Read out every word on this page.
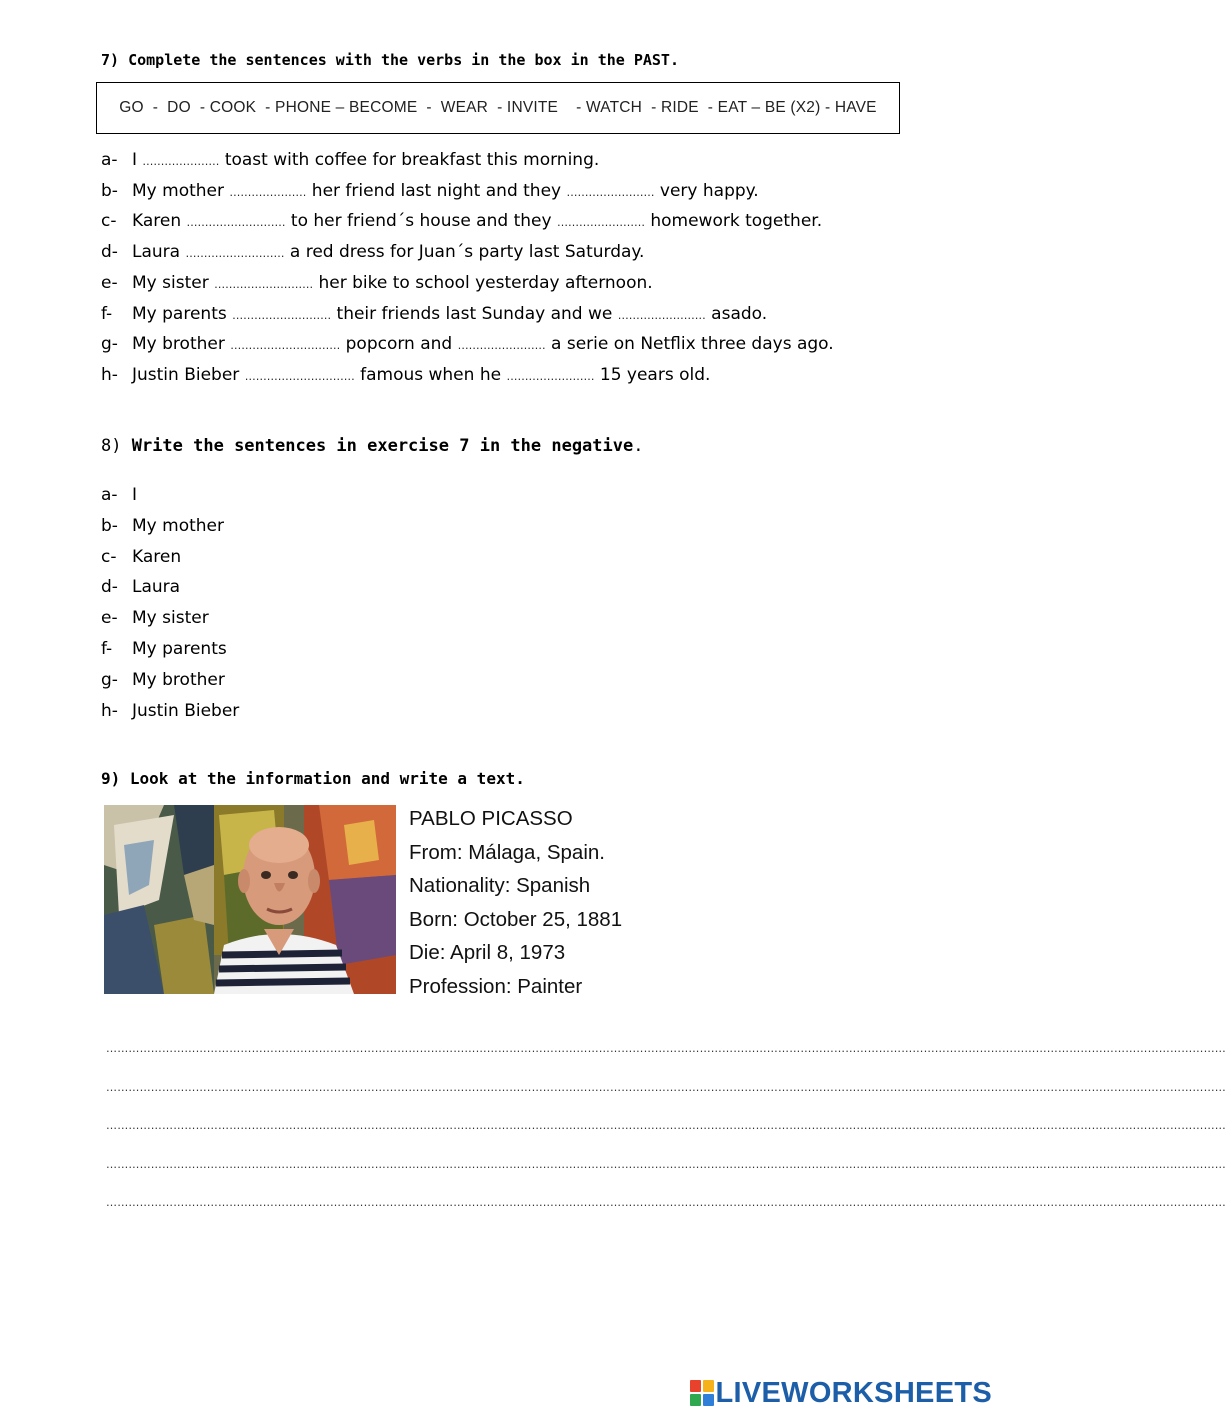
7) Complete the sentences with the verbs in the box in the PAST.
GO  -  DO  - COOK  - PHONE – BECOME  -  WEAR  - INVITE    - WATCH  - RIDE  - EAT – BE (X2) - HAVE
a- I ………………… toast with coffee for breakfast this morning.
b- My mother ………………… her friend last night and they …………………… very happy.
c- Karen ……………………… to her friend´s house and they …………………… homework together.
d- Laura ……………………… a red dress for Juan´s party last Saturday.
e- My sister ……………………… her bike to school yesterday afternoon.
f- My parents ……………………… their friends last Sunday and we …………………… asado.
g- My brother ………………………… popcorn and …………………… a serie on Netflix three days ago.
h- Justin Bieber ………………………… famous when he …………………… 15 years old.
8) Write the sentences in exercise 7 in the negative.
a- I
b- My mother
c- Karen
d- Laura
e- My sister
f- My parents
g- My brother
h- Justin Bieber
9) Look at the information and write a text.
PABLO PICASSO
From: Málaga, Spain.
Nationality: Spanish
Born: October 25, 1881
Die: April 8, 1973
Profession: Painter
…………………………………………………………………………………………………………………………………………………………………………………………………………………………………………………………………………
…………………………………………………………………………………………………………………………………………………………………………………………………………………………………………………………………………
…………………………………………………………………………………………………………………………………………………………………………………………………………………………………………………………………………
…………………………………………………………………………………………………………………………………………………………………………………………………………………………………………………………………………
…………………………………………………………………………………………………………………………………………………………………………………………………………………………………………………………………………
LIVEWORKSHEETS
